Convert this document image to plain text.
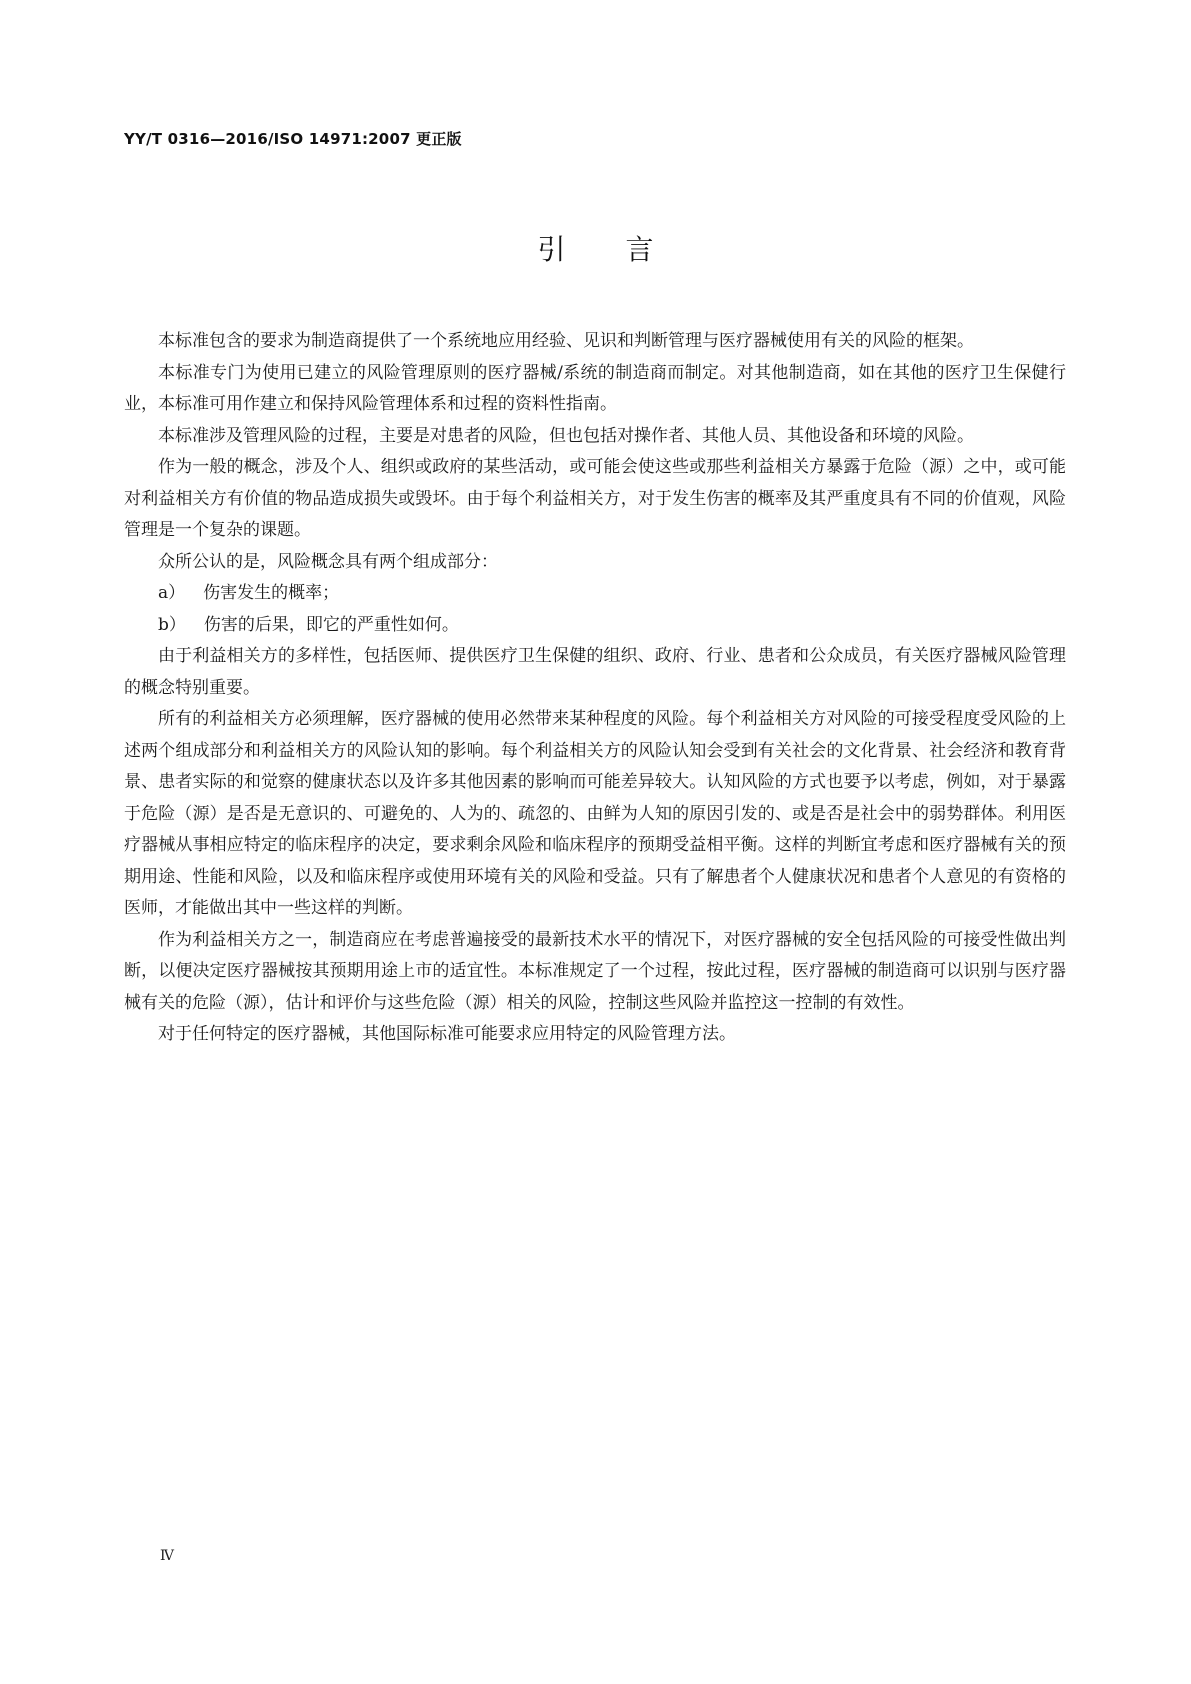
YY/T 0316—2016/ISO 14971:2007 更正版
引言

本标准包含的要求为制造商提供了一个系统地应用经验、见识和判断管理与医疗器械使用有关的风险的框架。

本标准专门为使用已建立的风险管理原则的医疗器械/系统的制造商而制定。对其他制造商，如在其他的医疗卫生保健行业，本标准可用作建立和保持风险管理体系和过程的资料性指南。

本标准涉及管理风险的过程，主要是对患者的风险，但也包括对操作者、其他人员、其他设备和环境的风险。

作为一般的概念，涉及个人、组织或政府的某些活动，或可能会使这些或那些利益相关方暴露于危险（源）之中，或可能对利益相关方有价值的物品造成损失或毁坏。由于每个利益相关方，对于发生伤害的概率及其严重度具有不同的价值观，风险管理是一个复杂的课题。

众所公认的是，风险概念具有两个组成部分：

a） 伤害发生的概率；
b） 伤害的后果，即它的严重性如何。

由于利益相关方的多样性，包括医师、提供医疗卫生保健的组织、政府、行业、患者和公众成员，有关医疗器械风险管理的概念特别重要。

所有的利益相关方必须理解，医疗器械的使用必然带来某种程度的风险。每个利益相关方对风险的可接受程度受风险的上述两个组成部分和利益相关方的风险认知的影响。每个利益相关方的风险认知会受到有关社会的文化背景、社会经济和教育背景、患者实际的和觉察的健康状态以及许多其他因素的影响而可能差异较大。认知风险的方式也要予以考虑，例如，对于暴露于危险（源）是否是无意识的、可避免的、人为的、疏忽的、由鲜为人知的原因引发的、或是否是社会中的弱势群体。利用医疗器械从事相应特定的临床程序的决定，要求剩余风险和临床程序的预期受益相平衡。这样的判断宜考虑和医疗器械有关的预期用途、性能和风险，以及和临床程序或使用环境有关的风险和受益。只有了解患者个人健康状况和患者个人意见的有资格的医师，才能做出其中一些这样的判断。

作为利益相关方之一，制造商应在考虑普遍接受的最新技术水平的情况下，对医疗器械的安全包括风险的可接受性做出判断，以便决定医疗器械按其预期用途上市的适宜性。本标准规定了一个过程，按此过程，医疗器械的制造商可以识别与医疗器械有关的危险（源），估计和评价与这些危险（源）相关的风险，控制这些风险并监控这一控制的有效性。

对于任何特定的医疗器械，其他国际标准可能要求应用特定的风险管理方法。

Ⅳ
